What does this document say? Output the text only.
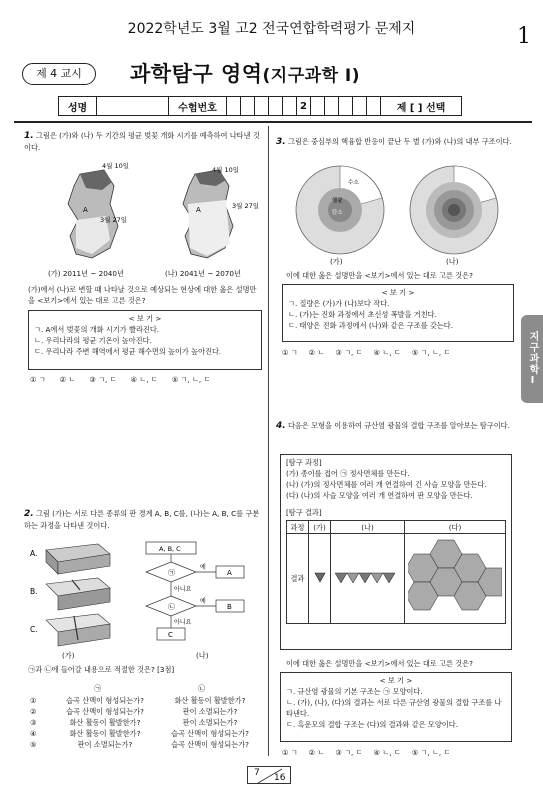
2022학년도 3월 고2 전국연합학력평가 문제지	1
제 4 교시	과학탐구 영역(지구과학 Ⅰ)
성명	수험번호	2	제 [ ] 선택
지구과학Ⅰ
1. 그림은 (가)와 (나) 두 기간의 평균 벚꽃 개화 시기를 예측하여 나타낸 것이다.
4월 10일
3월 27일
4월 10일
3월 27일
A	A
(가) 2011년 ~ 2040년	(나) 2041년 ~ 2070년
(가)에서 (나)로 변할 때 나타날 것으로 예상되는 현상에 대한 옳은 설명만을 <보기>에서 있는 대로 고른 것은?
< 보 기 >
ㄱ. A에서 벚꽃의 개화 시기가 빨라진다.
ㄴ. 우리나라의 평균 기온이 높아진다.
ㄷ. 우리나라 주변 해역에서 평균 해수면의 높이가 높아진다.
① ㄱ ② ㄴ ③ ㄱ, ㄷ ④ ㄴ, ㄷ ⑤ ㄱ, ㄴ, ㄷ
2. 그림 (가)는 서로 다른 종류의 판 경계 A, B, C를, (나)는 A, B, C를 구분하는 과정을 나타낸 것이다.
A.
B.
C.
A, B, C
㉠
예
A
아니요
㉡
예
B
아니요
C
(가)	(나)
㉠과 ㉡에 들어갈 내용으로 적절한 것은? [3점]
㉠	㉡
①	습곡 산맥이 형성되는가?	화산 활동이 활발한가?
②	습곡 산맥이 형성되는가?	판이 소멸되는가?
③	화산 활동이 활발한가?	판이 소멸되는가?
④	화산 활동이 활발한가?	습곡 산맥이 형성되는가?
⑤	판이 소멸되는가?	습곡 산맥이 형성되는가?
3. 그림은 중심부의 핵융합 반응이 끝난 두 별 (가)와 (나)의 내부 구조이다.
수소
헬륨
탄소
(가)	(나)
이에 대한 옳은 설명만을 <보기>에서 있는 대로 고른 것은?
< 보 기 >
ㄱ. 질량은 (가)가 (나)보다 작다.
ㄴ. (가)는 진화 과정에서 초신성 폭발을 거친다.
ㄷ. 태양은 진화 과정에서 (나)와 같은 구조를 갖는다.
① ㄱ ② ㄴ ③ ㄱ, ㄷ ④ ㄴ, ㄷ ⑤ ㄱ, ㄴ, ㄷ
4. 다음은 모형을 이용하여 규산염 광물의 결합 구조를 알아보는 탐구이다.
[탐구 과정]
(가) 종이를 접어 ㉠ 정사면체를 만든다.
(나) (가)의 정사면체를 여러 개 연결하여 긴 사슬 모양을 만든다.
(다) (나)의 사슬 모양을 여러 개 연결하여 판 모양을 만든다.
[탐구 결과]
과정	(가)	(나)	(다)
결과			
이에 대한 옳은 설명만을 <보기>에서 있는 대로 고른 것은?
< 보 기 >
ㄱ. 규산염 광물의 기본 구조는 ㉠ 모양이다.
ㄴ. (가), (나), (다)의 결과는 서로 다른 규산염 광물의 결합 구조를 나타낸다.
ㄷ. 흑운모의 결합 구조는 (다)의 결과와 같은 모양이다.
① ㄱ ② ㄴ ③ ㄱ, ㄷ ④ ㄴ, ㄷ ⑤ ㄱ, ㄴ, ㄷ
7 16
